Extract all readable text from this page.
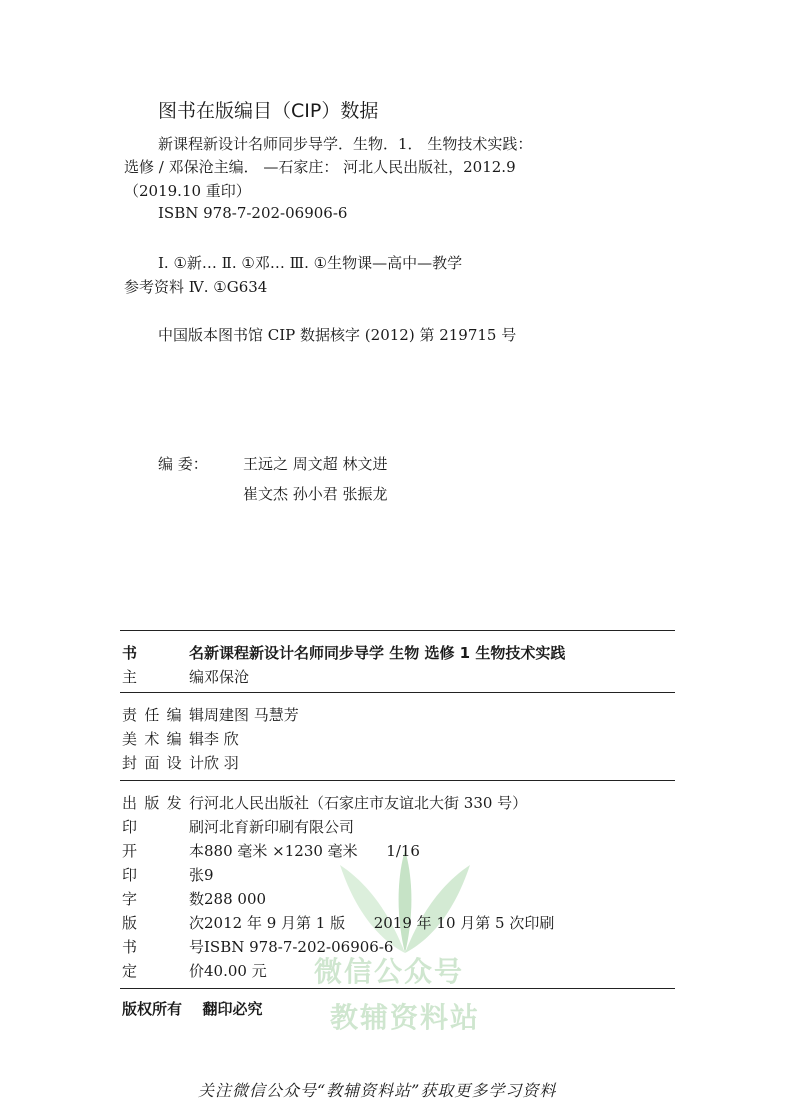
图书在版编目（CIP）数据
新课程新设计名师同步导学．生物．1． 生物技术实践：
选修 / 邓保沧主编． —石家庄： 河北人民出版社，2012.9
（2019.10 重印）
ISBN 978-7-202-06906-6
Ⅰ. ①新… Ⅱ. ①邓… Ⅲ. ①生物课—高中—教学
参考资料 Ⅳ. ①G634
中国版本图书馆 CIP 数据核字 (2012) 第 219715 号
编 委： 王远之 周文超 林文进
崔文杰 孙小君 张振龙
微信公众号
教辅资料站
书名新课程新设计名师同步导学 生物 选修 1 生物技术实践
主编邓保沧
责任编辑周建图 马慧芳
美术编辑李 欣
封面设计欣 羽
出版发行河北人民出版社（石家庄市友谊北大街 330 号）
印刷河北育新印刷有限公司
开本880 毫米 ×1230 毫米      1/16
印张9
字数288 000
版次2012 年 9 月第 1 版      2019 年 10 月第 5 次印刷
书号ISBN 978-7-202-06906-6
定价40.00 元
版权所有 翻印必究
关注微信公众号“教辅资料站”获取更多学习资料
